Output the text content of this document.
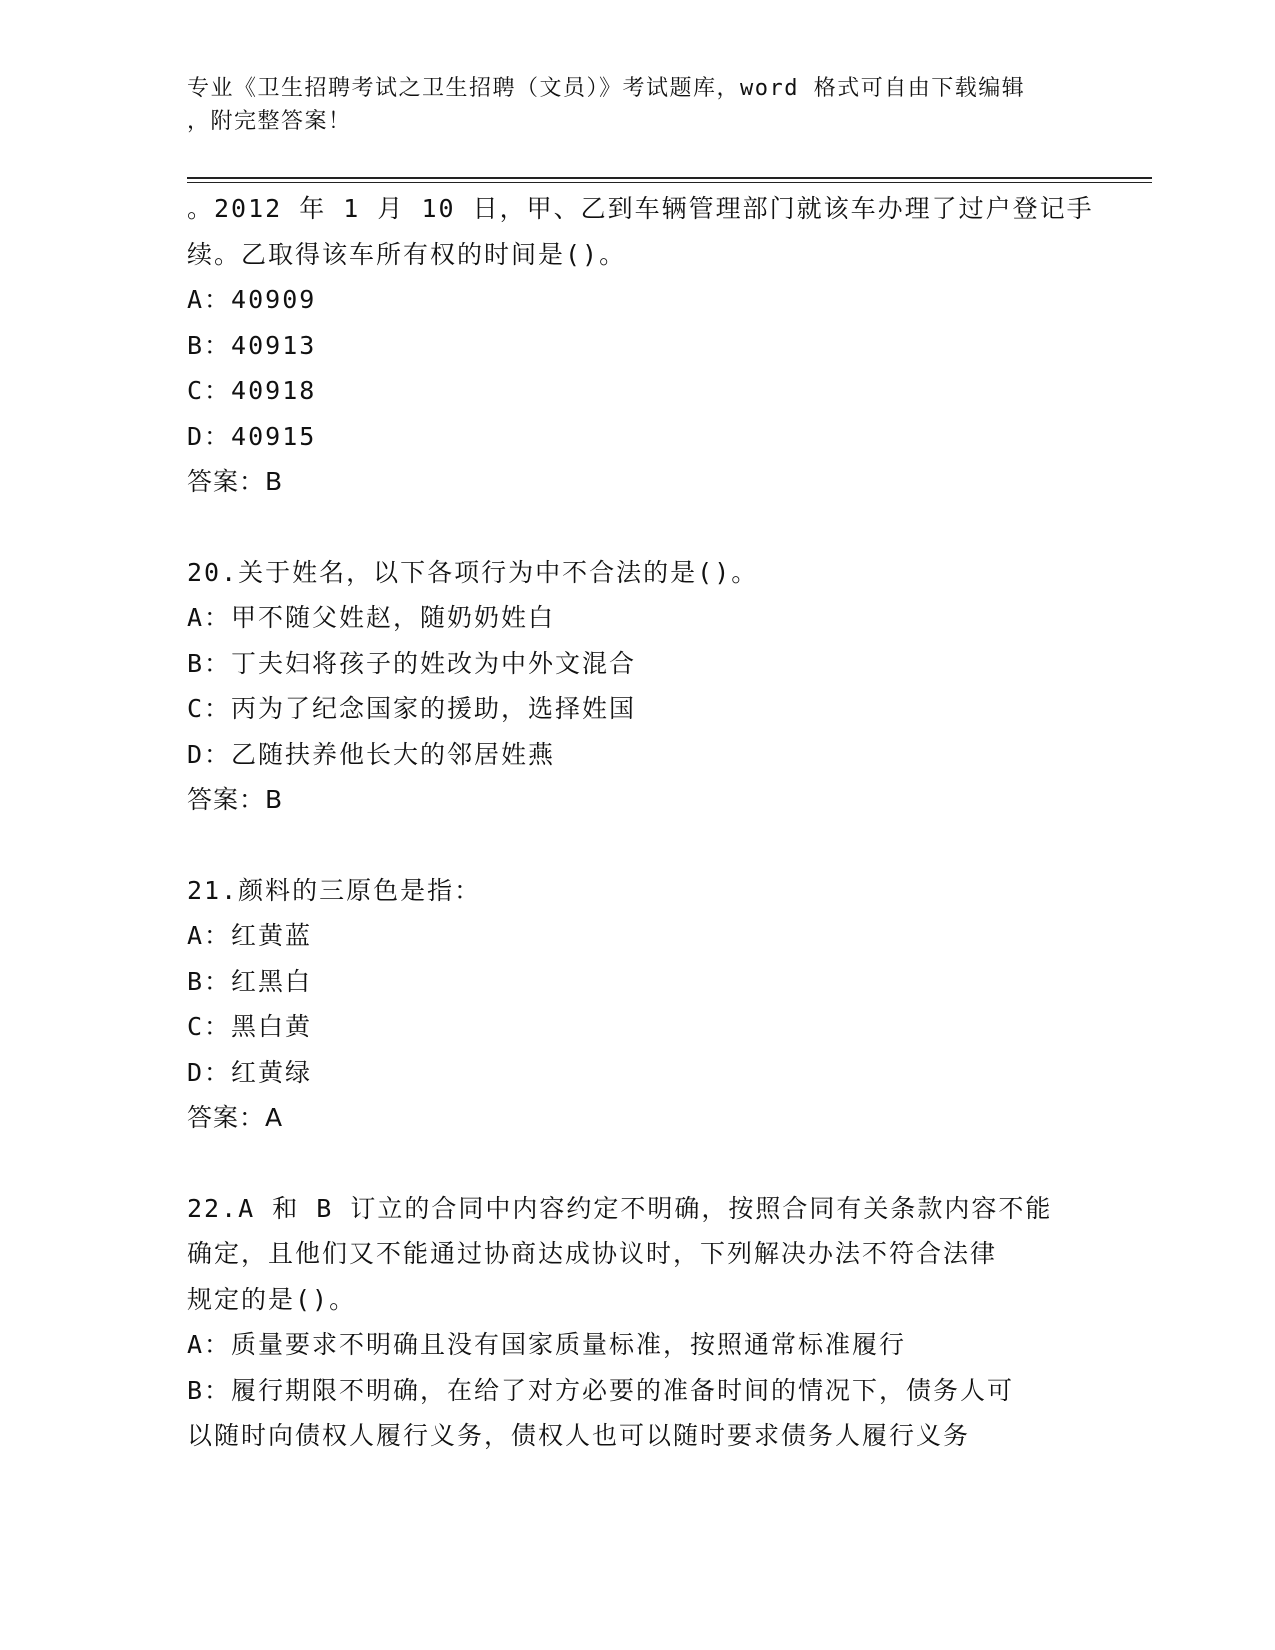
专业《卫生招聘考试之卫生招聘（文员）》考试题库，word 格式可自由下载编辑
，附完整答案！
。2012 年 1 月 10 日，甲、乙到车辆管理部门就该车办理了过户登记手
续。乙取得该车所有权的时间是()。
A：40909
B：40913
C：40918
D：40915
答案：B
20.关于姓名，以下各项行为中不合法的是()。
A：甲不随父姓赵，随奶奶姓白
B：丁夫妇将孩子的姓改为中外文混合
C：丙为了纪念国家的援助，选择姓国
D：乙随扶养他长大的邻居姓燕
答案：B
21.颜料的三原色是指：
A：红黄蓝
B：红黑白
C：黑白黄
D：红黄绿
答案：A
22.A 和 B 订立的合同中内容约定不明确，按照合同有关条款内容不能
确定，且他们又不能通过协商达成协议时，下列解决办法不符合法律
规定的是()。
A：质量要求不明确且没有国家质量标准，按照通常标准履行
B：履行期限不明确，在给了对方必要的准备时间的情况下，债务人可
以随时向债权人履行义务，债权人也可以随时要求债务人履行义务
